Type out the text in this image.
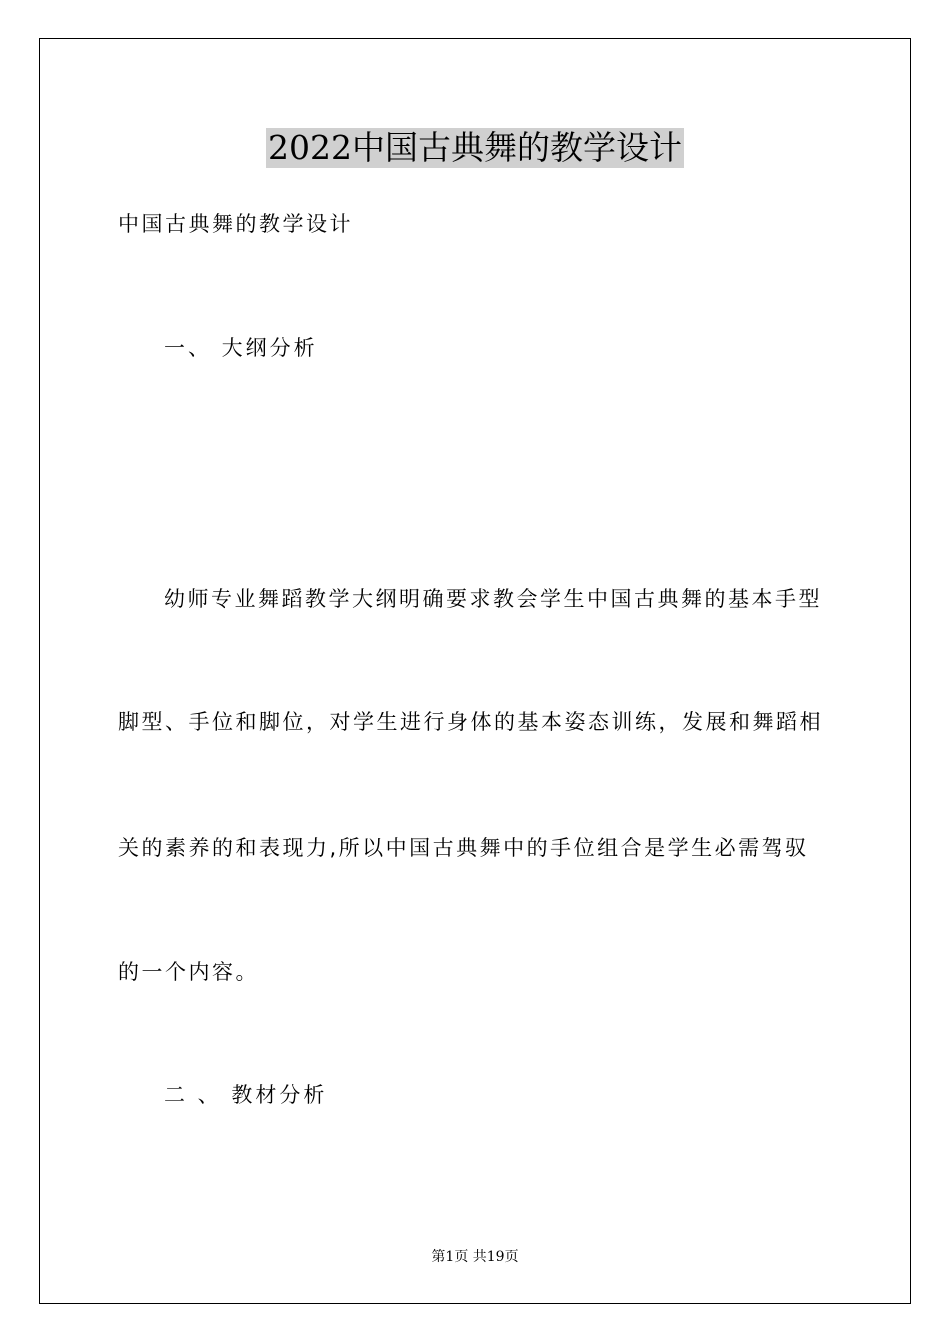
2022中国古典舞的教学设计
中国古典舞的教学设计
一、 大纲分析
幼师专业舞蹈教学大纲明确要求教会学生中国古典舞的基本手型
脚型、手位和脚位，对学生进行身体的基本姿态训练，发展和舞蹈相
关的素养的和表现力,所以中国古典舞中的手位组合是学生必需驾驭
的一个内容。
二 、 教材分析
第1页 共19页
